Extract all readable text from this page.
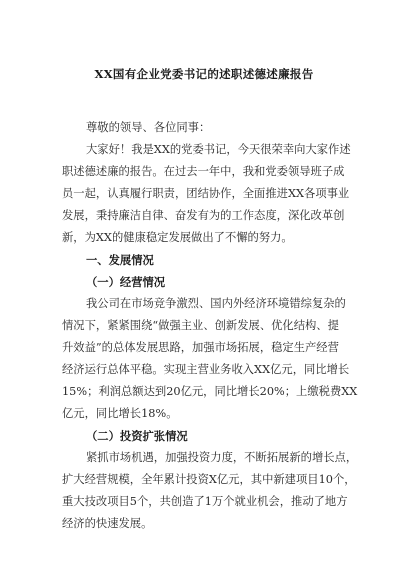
XX国有企业党委书记的述职述德述廉报告
尊敬的领导、各位同事：
大家好！我是XX的党委书记，今天很荣幸向大家作述
职述德述廉的报告。在过去一年中，我和党委领导班子成
员一起，认真履行职责，团结协作，全面推进XX各项事业
发展，秉持廉洁自律、奋发有为的工作态度，深化改革创
新，为XX的健康稳定发展做出了不懈的努力。
一、发展情况
（一）经营情况
我公司在市场竞争激烈、国内外经济环境错综复杂的
情况下，紧紧围绕“做强主业、创新发展、优化结构、提
升效益”的总体发展思路，加强市场拓展，稳定生产经营
经济运行总体平稳。实现主营业务收入XX亿元，同比增长
15%；利润总额达到20亿元，同比增长20%；上缴税费XX
亿元，同比增长18%。
（二）投资扩张情况
紧抓市场机遇，加强投资力度，不断拓展新的增长点，
扩大经营规模，全年累计投资X亿元，其中新建项目10个，
重大技改项目5个，共创造了1万个就业机会，推动了地方
经济的快速发展。
